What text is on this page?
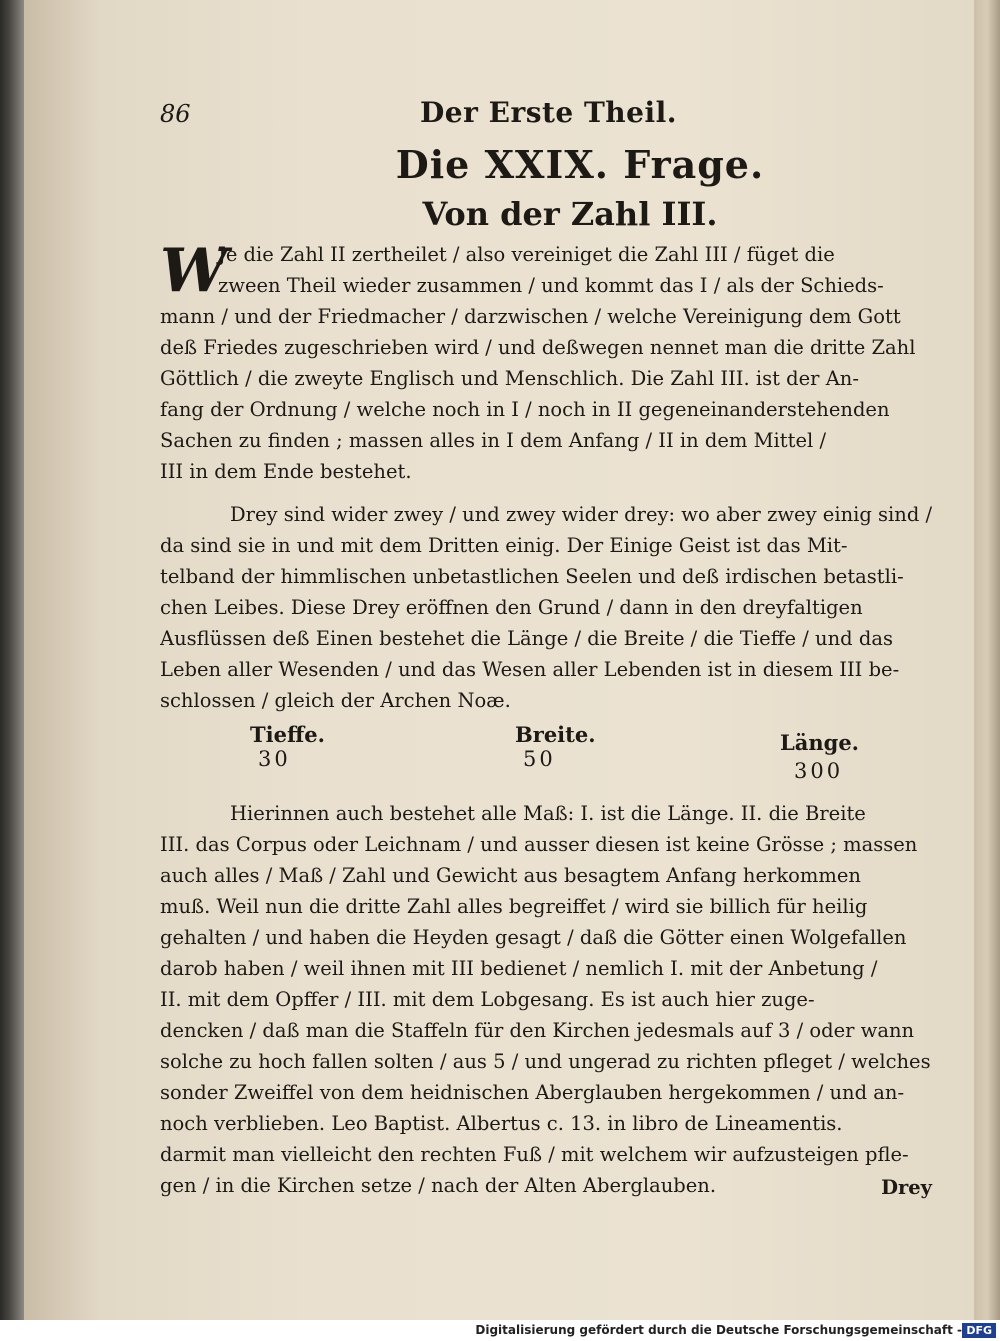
86	Der Erste Theil.
Die XXIX. Frage.
Von der Zahl III.
W
Je die Zahl II zertheilet / also vereiniget die Zahl III / füget die
zween Theil wieder zusammen / und kommt das I / als der Schieds-
mann / und der Friedmacher / darzwischen / welche Vereinigung dem Gott
deß Friedes zugeschrieben wird / und deßwegen nennet man die dritte Zahl
Göttlich / die zweyte Englisch und Menschlich. Die Zahl III. ist der An-
fang der Ordnung / welche noch in I / noch in II gegeneinanderstehenden
Sachen zu finden ; massen alles in I dem Anfang / II in dem Mittel /
III in dem Ende bestehet.
Drey sind wider zwey / und zwey wider drey: wo aber zwey einig sind /
da sind sie in und mit dem Dritten einig. Der Einige Geist ist das Mit-
telband der himmlischen unbetastlichen Seelen und deß irdischen betastli-
chen Leibes. Diese Drey eröffnen den Grund / dann in den dreyfaltigen
Ausflüssen deß Einen bestehet die Länge / die Breite / die Tieffe / und das
Leben aller Wesenden / und das Wesen aller Lebenden ist in diesem III be-
schlossen / gleich der Archen Noæ.
Tieffe.
30
Breite.
50
Länge.
300
Hierinnen auch bestehet alle Maß: I. ist die Länge. II. die Breite
III. das Corpus oder Leichnam / und ausser diesen ist keine Grösse ; massen
auch alles / Maß / Zahl und Gewicht aus besagtem Anfang herkommen
muß. Weil nun die dritte Zahl alles begreiffet / wird sie billich für heilig
gehalten / und haben die Heyden gesagt / daß die Götter einen Wolgefallen
darob haben / weil ihnen mit III bedienet / nemlich I. mit der Anbetung /
II. mit dem Opffer / III. mit dem Lobgesang. Es ist auch hier zuge-
dencken / daß man die Staffeln für den Kirchen jedesmals auf 3 / oder wann
solche zu hoch fallen solten / aus 5 / und ungerad zu richten pfleget / welches
sonder Zweiffel von dem heidnischen Aberglauben hergekommen / und an-
noch verblieben. Leo Baptist. Albertus c. 13. in libro de Lineamentis.
darmit man vielleicht den rechten Fuß / mit welchem wir aufzusteigen pfle-
gen / in die Kirchen setze / nach der Alten Aberglauben.	Drey
Digitalisierung gefördert durch die Deutsche Forschungsgemeinschaft - DFG
